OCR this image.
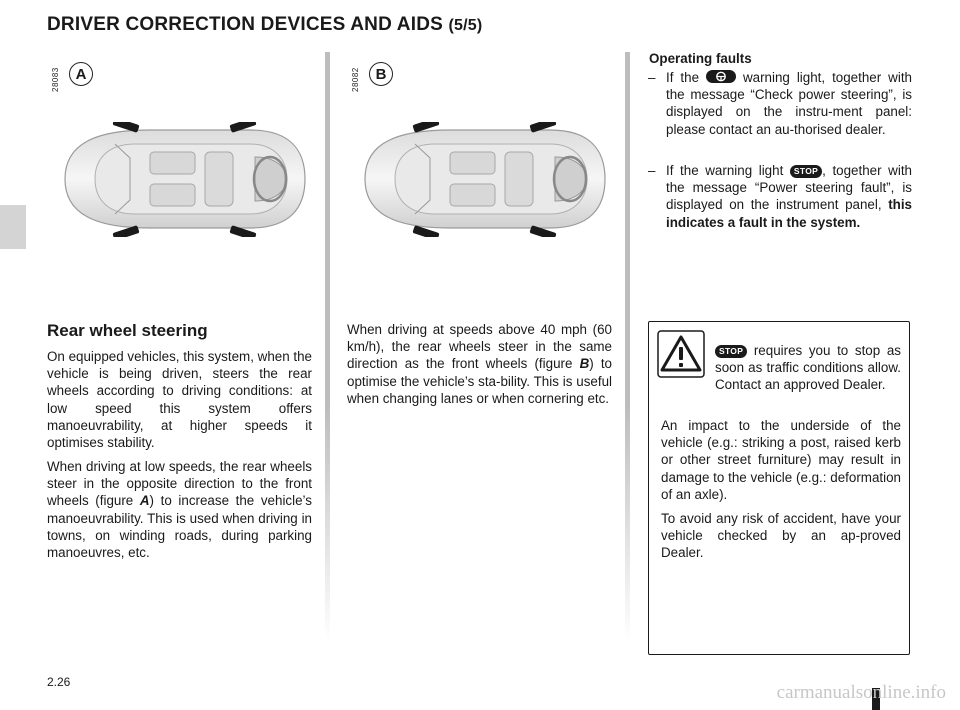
DRIVER CORRECTION DEVICES AND AIDS (5/5)
28083	A	28082	B
Rear wheel steering
On equipped vehicles, this system, when the vehicle is being driven, steers the rear wheels according to driving conditions: at low speed this system offers manoeuvrability, at higher speeds it optimises stability.
When driving at low speeds, the rear wheels steer in the opposite direction to the front wheels (figure A) to increase the vehicle’s manoeuvrability. This is used when driving in towns, on winding roads, during parking manoeuvres, etc.
When driving at speeds above 40 mph (60 km/h), the rear wheels steer in the same direction as the front wheels (figure B) to optimise the vehicle’s sta-bility. This is useful when changing lanes or when cornering etc.
Operating faults
– If the	warning light, together with the message “Check power steering”, is displayed on the instru-ment panel: please contact an au-thorised dealer.
– If the warning light STOP , together with the message “Power steering fault”, is displayed on the instrument panel, this indicates a fault in the system.
STOP requires you to stop as soon as traffic conditions allow. Contact an approved Dealer.
An impact to the underside of the vehicle (e.g.: striking a post, raised kerb or other street furniture) may result in damage to the vehicle (e.g.: deformation of an axle).
To avoid any risk of accident, have your vehicle checked by an ap-proved Dealer.
2.26	carmanualsonline.info
